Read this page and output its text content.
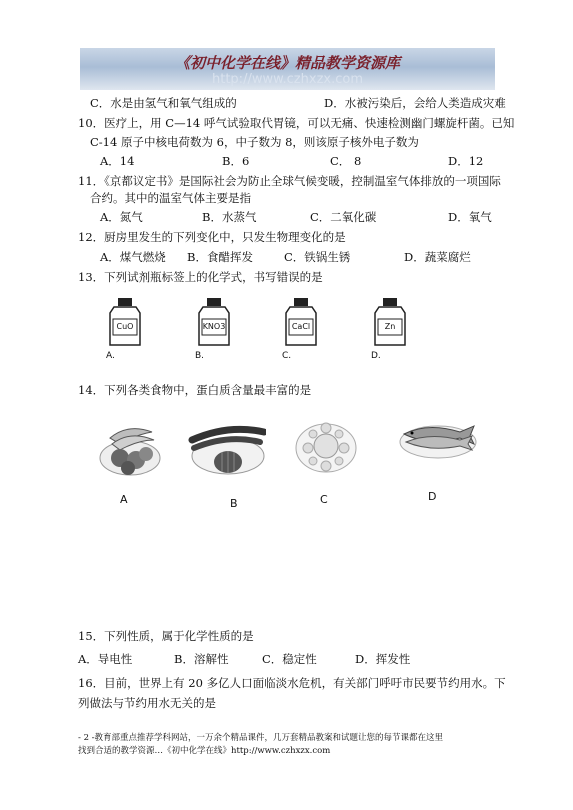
《初中化学在线》精品教学资源库
http://www.czhxzx.com
C．水是由氢气和氧气组成的	D．水被污染后，会给人类造成灾难
10．医疗上，用 C—14 呼气试验取代胃镜，可以无痛、快速检测幽门螺旋杆菌。已知
C-14 原子中核电荷数为 6，中子数为 8，则该原子核外电子数为
A．14	B．6	C． 8	D．12
11．《京都议定书》是国际社会为防止全球气候变暖，控制温室气体排放的一项国际
合约。其中的温室气体主要是指
A．氮气	B．水蒸气	C．二氧化碳	D．氧气
12．厨房里发生的下列变化中，只发生物理变化的是
A．煤气燃烧 B．食醋挥发	C．铁锅生锈	D．蔬菜腐烂
13．下列试剂瓶标签上的化学式，书写错误的是
CuO
A.
KNO3
B.
CaCl
C.
Zn
D.
14．下列各类食物中，蛋白质含量最丰富的是
A	B	C	D
15．下列性质，属于化学性质的是
A．导电性	B．溶解性	C．稳定性	D．挥发性
16．目前，世界上有 20 多亿人口面临淡水危机，有关部门呼吁市民要节约用水。下
列做法与节约用水无关的是
- 2 -教育部重点推荐学科网站，一万余个精品课件，几万套精品教案和试题让您的每节课都在这里
找到合适的教学资源…《初中化学在线》http://www.czhxzx.com
